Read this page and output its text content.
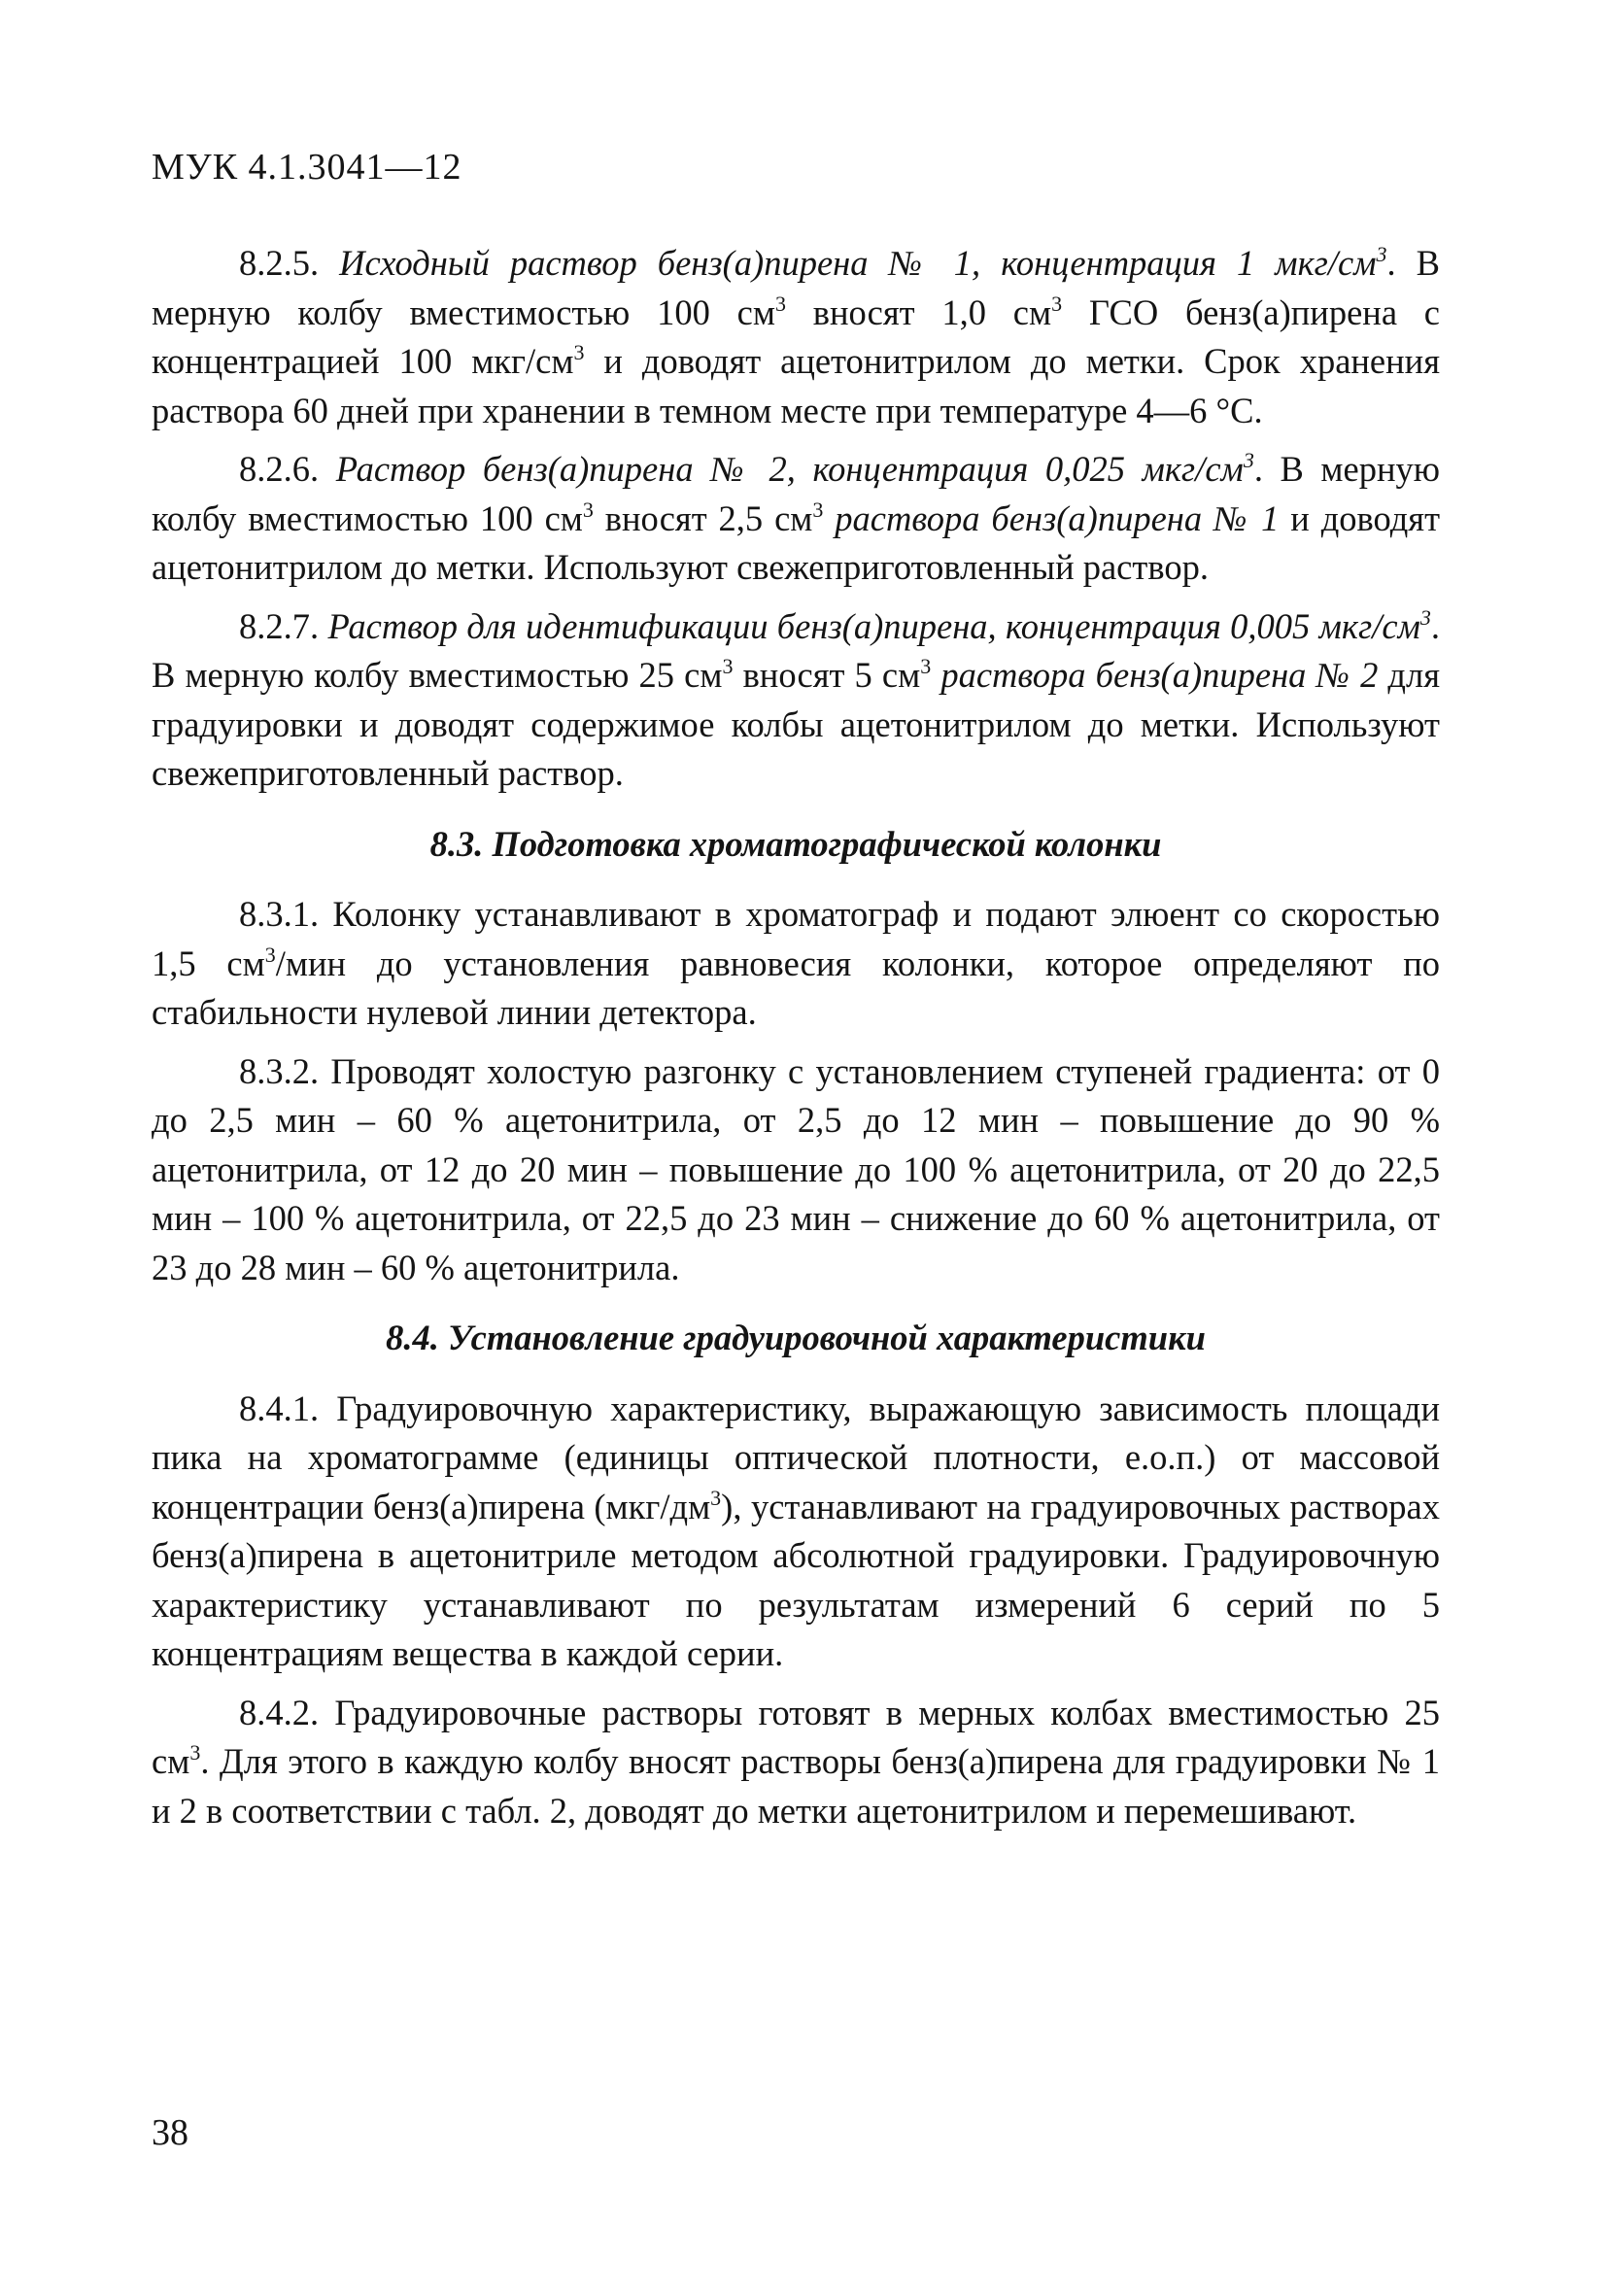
МУК 4.1.3041—12

8.2.5. Исходный раствор бенз(а)пирена № 1, концентрация 1 мкг/$см^3$. В мерную колбу вместимостью 100 $см^3$ вносят 1,0 $см^3$ ГСО бенз(а)пирена с концентрацией 100 мкг/$см^3$ и доводят ацетонитрилом до метки. Срок хранения раствора 60 дней при хранении в темном месте при температуре 4—6 °С.

8.2.6. Раствор бенз(а)пирена № 2, концентрация 0,025 мкг/$см^3$. В мерную колбу вместимостью 100 $см^3$ вносят 2,5 $см^3$ раствора бенз(а)пирена № 1 и доводят ацетонитрилом до метки. Используют свежеприготовленный раствор.

8.2.7. Раствор для идентификации бенз(а)пирена, концентрация 0,005 мкг/$см^3$. В мерную колбу вместимостью 25 $см^3$ вносят 5 $см^3$ раствора бенз(а)пирена № 2 для градуировки и доводят содержимое колбы ацетонитрилом до метки. Используют свежеприготовленный раствор.

8.3. Подготовка хроматографической колонки

8.3.1. Колонку устанавливают в хроматограф и подают элюент со скоростью 1,5 $см^3$/мин до установления равновесия колонки, которое определяют по стабильности нулевой линии детектора.

8.3.2. Проводят холостую разгонку с установлением ступеней градиента: от 0 до 2,5 мин – 60 % ацетонитрила, от 2,5 до 12 мин – повышение до 90 % ацетонитрила, от 12 до 20 мин – повышение до 100 % ацетонитрила, от 20 до 22,5 мин – 100 % ацетонитрила, от 22,5 до 23 мин – снижение до 60 % ацетонитрила, от 23 до 28 мин – 60 % ацетонитрила.

8.4. Установление градуировочной характеристики

8.4.1. Градуировочную характеристику, выражающую зависимость площади пика на хроматограмме (единицы оптической плотности, е.о.п.) от массовой концентрации бенз(а)пирена $(мкг/дм^3)$, устанавливают на градуировочных растворах бенз(а)пирена в ацетонитриле методом абсолютной градуировки. Градуировочную характеристику устанавливают по результатам измерений 6 серий по 5 концентрациям вещества в каждой серии.

8.4.2. Градуировочные растворы готовят в мерных колбах вместимостью 25 $см^3$. Для этого в каждую колбу вносят растворы бенз(а)пирена для градуировки № 1 и 2 в соответствии с табл. 2, доводят до метки ацетонитрилом и перемешивают.

38
